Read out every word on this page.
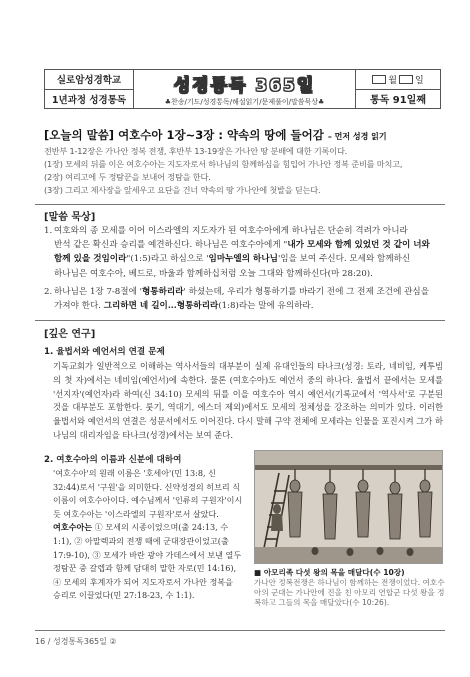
실로암성경학교
1년과정 성경통독
성경통독 365일
♣찬송/기도/성경통독/해설읽기/문제풀이/말씀묵상♣
월 일
통독 91일째
[오늘의 말씀] 여호수아 1장~3장 : 약속의 땅에 들어감 – 먼저 성경 읽기
전반부 1-12장은 가나안 정복 전쟁, 후반부 13-19장은 가나안 땅 분배에 대한 기록이다.
(1장) 모세의 뒤를 이은 여호수아는 지도자로서 하나님의 함께하심을 힘입어 가나안 정복 준비를 마치고,
(2장) 여리고에 두 정탐꾼을 보내어 정탐을 한다.
(3장) 그리고 제사장을 앞세우고 요단을 건너 약속의 땅 가나안에 첫발을 딛는다.
[말씀 묵상]
1. 여호와의 종 모세를 이어 이스라엘의 지도자가 된 여호수아에게 하나님은 단순히 격려가 아니라
반석 같은 확신과 승리를 예견하신다. 하나님은 여호수아에게 "내가 모세와 함께 있었던 것 같이 너와
함께 있을 것임이라"(1:5)라고 하심으로 '임마누엘의 하나님'임을 보여 주신다. 모세와 함께하신
하나님은 여호수아, 베드로, 바울과 함께하십처럼 오늘 그대와 함께하신다(마 28:20).
2. 하나님은 1장 7-8절에 '형통하리라' 하셨는데, 우리가 형통하기를 바라기 전에 그 전제 조건에 관심을
가져야 한다. 그리하면 네 길이...형통하리라(1:8)라는 말에 유의하라.
[깊은 연구]
1. 율법서와 예언서의 연결 문제
기독교회가 일반적으로 이해하는 역사서들의 대부분이 실제 유대인들의 타나크(성경: 토라, 네비임, 케투빔의 첫 자)에서는 네비임(예언서)에 속한다. 물론 (여호수아)도 예언서 중의 하나다. 율법서 끝에서는 모세를 '선지자'(예언자)라 하여(신 34:10) 모세의 뒤를 이을 여호수아 역시 예언서(기록교에서 '역사서'로 구분된 것을 대부분도 포함한다. 룻기, 역대기, 에스더 제외)에서도 모세의 정체성을 강조하는 의미가 있다. 이러한 율법서와 예언서의 연결은 성문서에서도 이어진다. 다시 말해 구약 전체에 모세라는 인물을 포진시켜 그가 하나님의 대리자임을 타나크(성경)에서는 보여 준다.
2. 여호수아의 이름과 신분에 대하여
'여호수아'의 원래 이름은 '호세아'(민 13:8, 신 32:44)로서 '구원'을 의미한다. 신약성경의 히브리 식 이름이 여호수아이다. 예수님께서 '인류의 구원자'이시듯 여호수아는 '이스라엘의 구원자'로서 살았다.
여호수아는 ① 모세의 시종이었으며(출 24:13, 수 1:1), ② 아말렉과의 전쟁 때에 군대장관이었고(출 17:9-10), ③ 모세가 바란 광야 가데스에서 보낸 열두 정탐꾼 중 갈렙과 함께 담대히 말한 자로(민 14:16), ④ 모세의 후계자가 되어 지도자로서 가나안 정복을 승리로 이끌었다(민 27:18-23, 수 1:1).
■ 아모리족 다섯 왕의 목을 매달다(수 10장)
가나안 정복전쟁은 하나님이 함께하는 전쟁이었다. 여호수아의 군대는 가나안에 진을 친 아모리 연합군 다섯 왕을 정복하고 그들의 목을 매달았다(수 10:26).
16 / 성경통독365일 ②
